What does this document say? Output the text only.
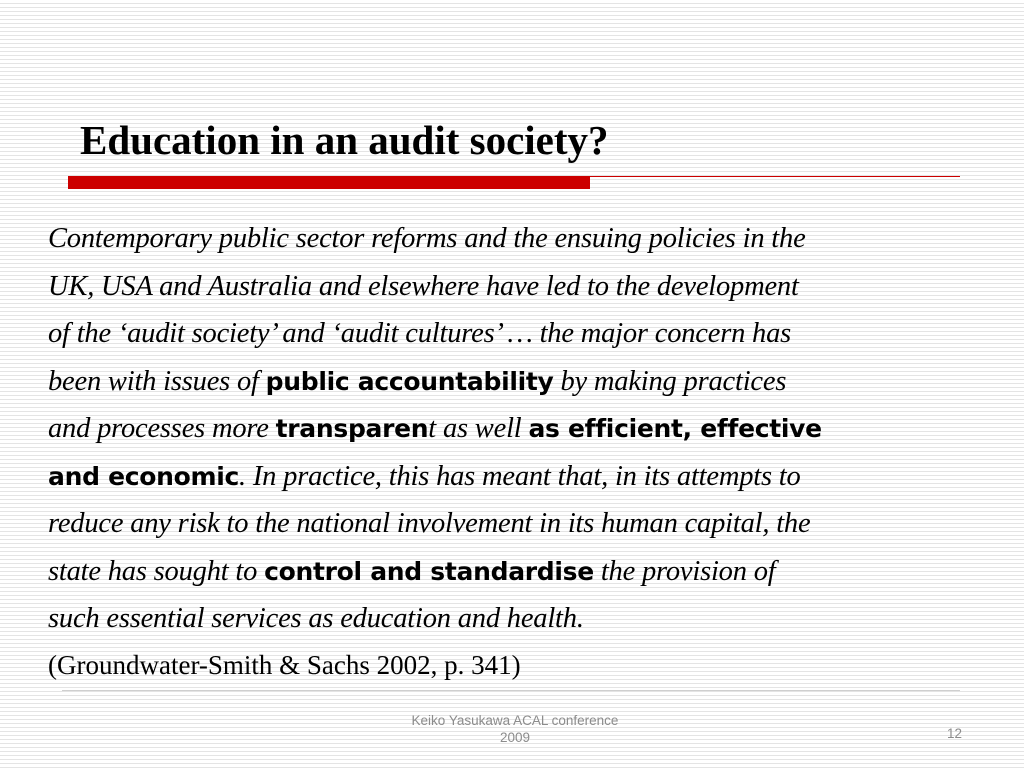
Education in an audit society?
Contemporary public sector reforms and the ensuing policies in the
UK, USA and Australia and elsewhere have led to the development
of the ‘audit society’ and ‘audit cultures’ … the major concern has
been with issues of public accountability by making practices
and processes more transparent as well as efficient, effective
and economic. In practice, this has meant that, in its attempts to
reduce any risk to the national involvement in its human capital, the
state has sought to control and standardise the provision of
such essential services as education and health.

(Groundwater-Smith & Sachs 2002, p. 341)

Keiko Yasukawa ACAL conference
2009	12
